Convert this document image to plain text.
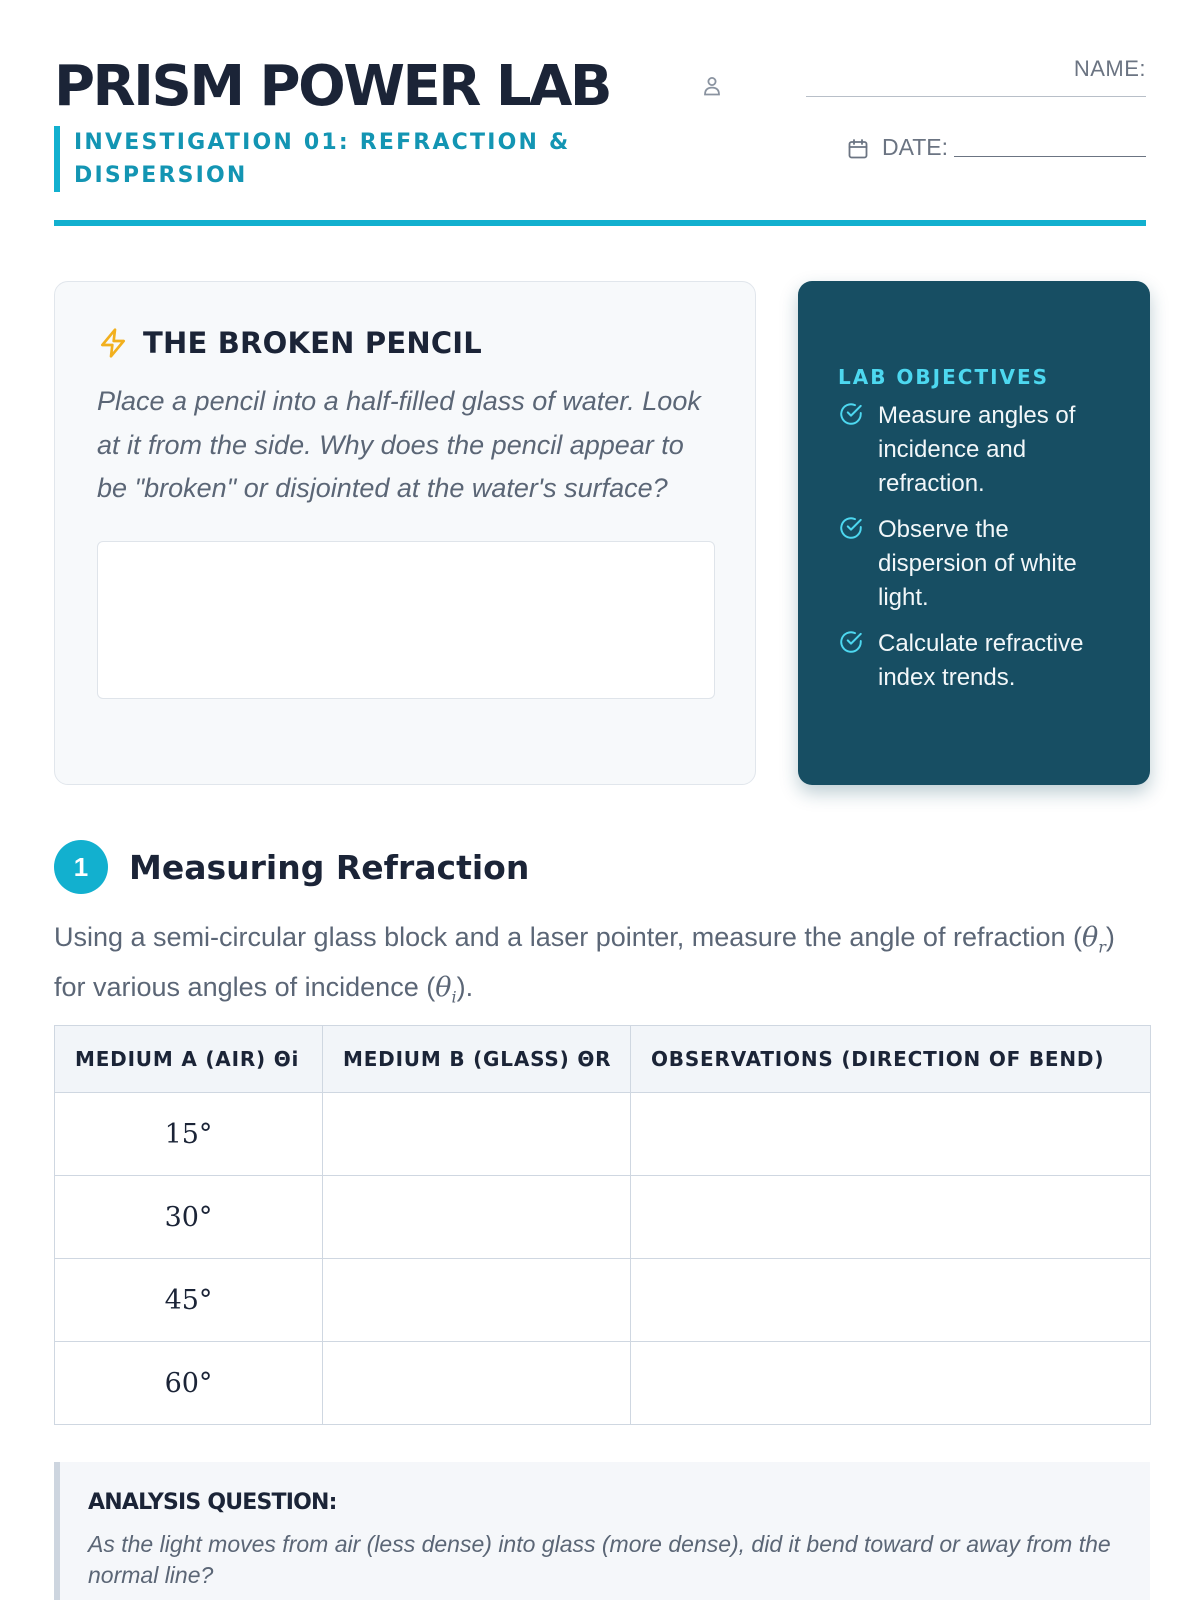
PRISM POWER LAB
INVESTIGATION 01: REFRACTION & DISPERSION
NAME:
DATE:
THE BROKEN PENCIL

Place a pencil into a half-filled glass of water. Look at it from the side. Why does the pencil appear to be "broken" or disjointed at the water's surface?

LAB OBJECTIVES
Measure angles of incidence and refraction.
Observe the dispersion of white light.
Calculate refractive index trends.
1	Measuring Refraction

Using a semi-circular glass block and a laser pointer, measure the angle of refraction $(\theta_r)$ for various angles of incidence $(\theta_i)$.

MEDIUM A (AIR) Θi	MEDIUM B (GLASS) ΘR	OBSERVATIONS (DIRECTION OF BEND)
15°		
30°		
45°		
60°		
ANALYSIS QUESTION:

As the light moves from air (less dense) into glass (more dense), did it bend toward or away from the normal line?
